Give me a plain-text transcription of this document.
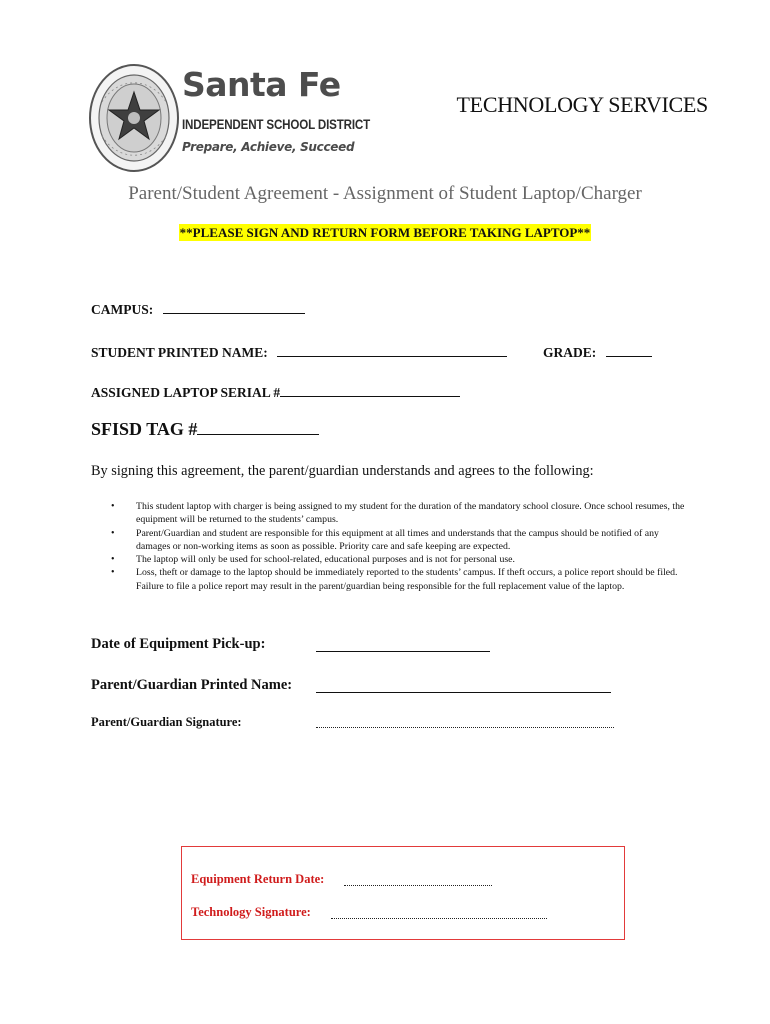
Santa Fe
INDEPENDENT SCHOOL DISTRICT
Prepare, Achieve, Succeed
TECHNOLOGY SERVICES
Parent/Student Agreement - Assignment of Student Laptop/Charger
**PLEASE SIGN AND RETURN FORM BEFORE TAKING LAPTOP**
CAMPUS:
STUDENT PRINTED NAME:	GRADE:
ASSIGNED LAPTOP SERIAL #
SFISD TAG #
By signing this agreement, the parent/guardian understands and agrees to the following:
• This student laptop with charger is being assigned to my student for the duration of the mandatory school closure. Once school resumes, the equipment will be returned to the students’ campus.
• Parent/Guardian and student are responsible for this equipment at all times and understands that the campus should be notified of any damages or non-working items as soon as possible. Priority care and safe keeping are expected.
• The laptop will only be used for school-related, educational purposes and is not for personal use.
• Loss, theft or damage to the laptop should be immediately reported to the students’ campus. If theft occurs, a police report should be filed. Failure to file a police report may result in the parent/guardian being responsible for the full replacement value of the laptop.
Date of Equipment Pick-up:
Parent/Guardian Printed Name:
Parent/Guardian Signature:
Equipment Return Date:
Technology Signature:
